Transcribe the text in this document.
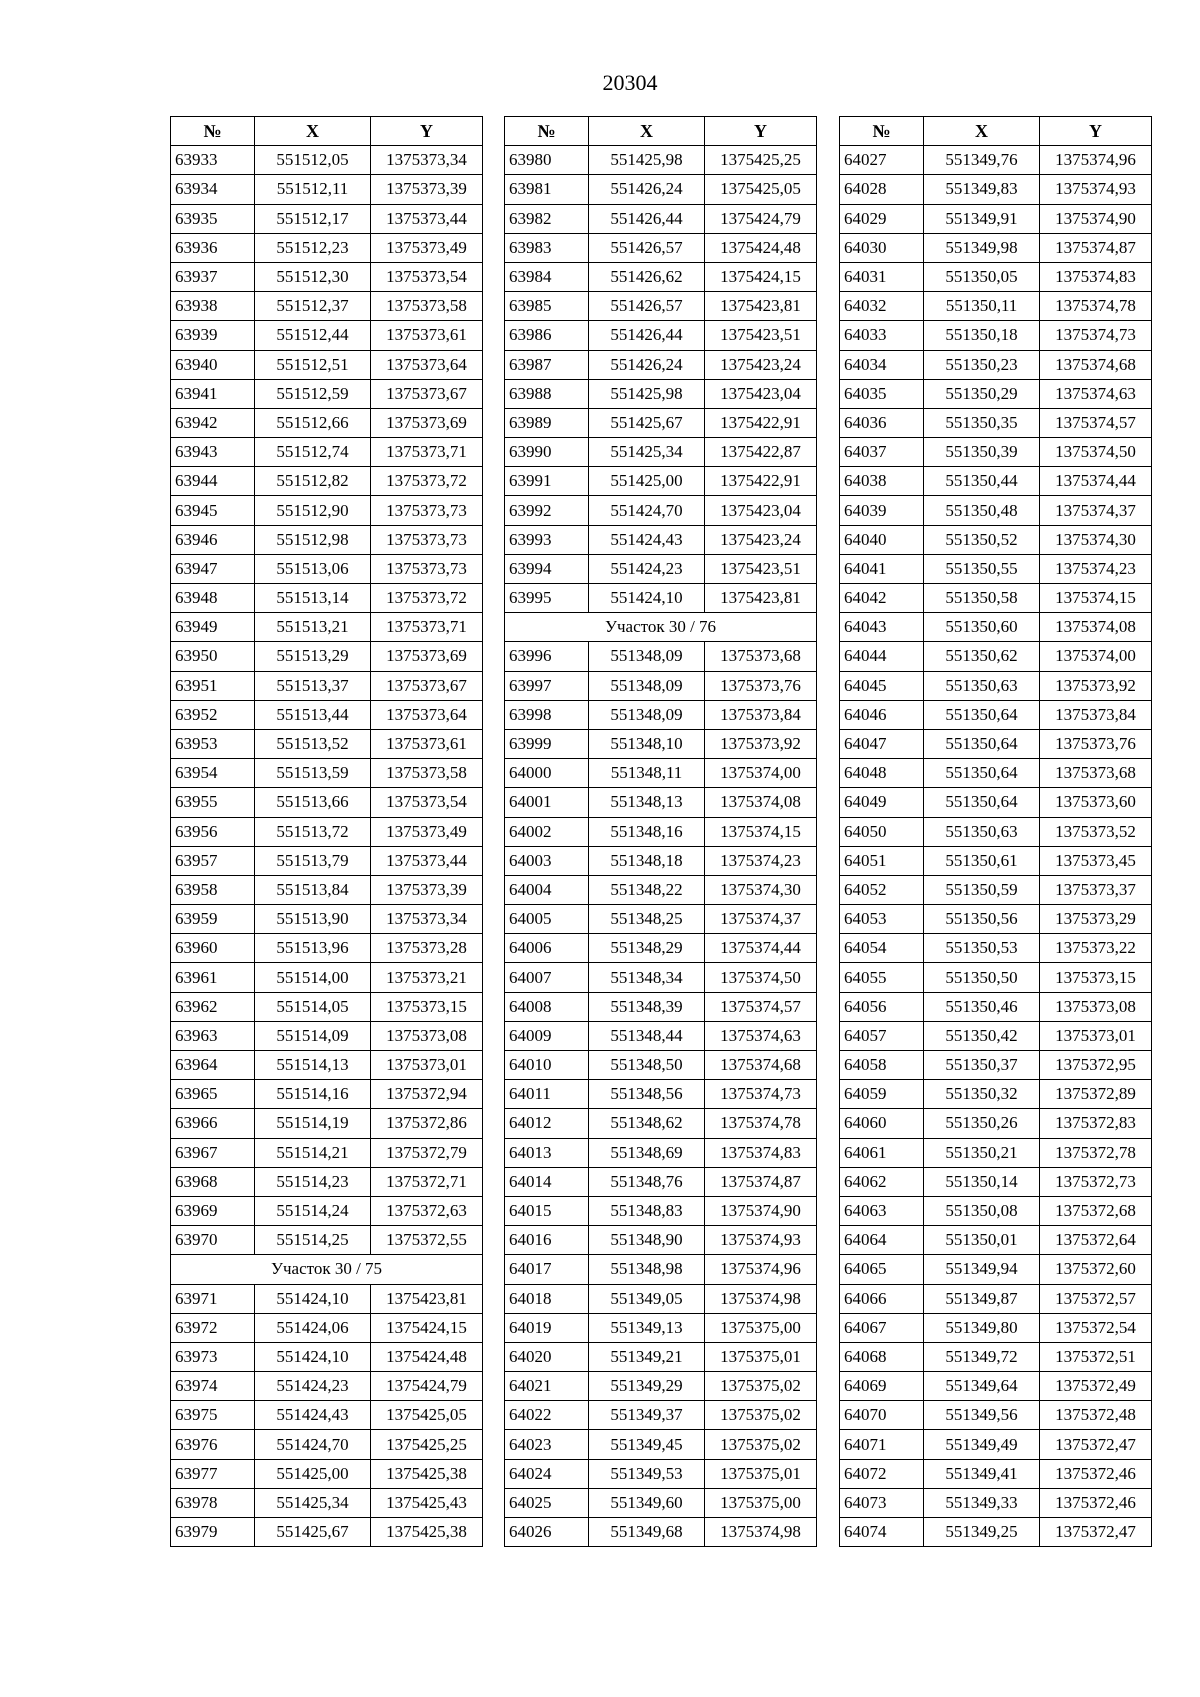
20304
№	X	Y
63933	551512,05	1375373,34
63934	551512,11	1375373,39
63935	551512,17	1375373,44
63936	551512,23	1375373,49
63937	551512,30	1375373,54
63938	551512,37	1375373,58
63939	551512,44	1375373,61
63940	551512,51	1375373,64
63941	551512,59	1375373,67
63942	551512,66	1375373,69
63943	551512,74	1375373,71
63944	551512,82	1375373,72
63945	551512,90	1375373,73
63946	551512,98	1375373,73
63947	551513,06	1375373,73
63948	551513,14	1375373,72
63949	551513,21	1375373,71
63950	551513,29	1375373,69
63951	551513,37	1375373,67
63952	551513,44	1375373,64
63953	551513,52	1375373,61
63954	551513,59	1375373,58
63955	551513,66	1375373,54
63956	551513,72	1375373,49
63957	551513,79	1375373,44
63958	551513,84	1375373,39
63959	551513,90	1375373,34
63960	551513,96	1375373,28
63961	551514,00	1375373,21
63962	551514,05	1375373,15
63963	551514,09	1375373,08
63964	551514,13	1375373,01
63965	551514,16	1375372,94
63966	551514,19	1375372,86
63967	551514,21	1375372,79
63968	551514,23	1375372,71
63969	551514,24	1375372,63
63970	551514,25	1375372,55
Участок 30 / 75		
63971	551424,10	1375423,81
63972	551424,06	1375424,15
63973	551424,10	1375424,48
63974	551424,23	1375424,79
63975	551424,43	1375425,05
63976	551424,70	1375425,25
63977	551425,00	1375425,38
63978	551425,34	1375425,43
63979	551425,67	1375425,38
№	X	Y
63980	551425,98	1375425,25
63981	551426,24	1375425,05
63982	551426,44	1375424,79
63983	551426,57	1375424,48
63984	551426,62	1375424,15
63985	551426,57	1375423,81
63986	551426,44	1375423,51
63987	551426,24	1375423,24
63988	551425,98	1375423,04
63989	551425,67	1375422,91
63990	551425,34	1375422,87
63991	551425,00	1375422,91
63992	551424,70	1375423,04
63993	551424,43	1375423,24
63994	551424,23	1375423,51
63995	551424,10	1375423,81
Участок 30 / 76		
63996	551348,09	1375373,68
63997	551348,09	1375373,76
63998	551348,09	1375373,84
63999	551348,10	1375373,92
64000	551348,11	1375374,00
64001	551348,13	1375374,08
64002	551348,16	1375374,15
64003	551348,18	1375374,23
64004	551348,22	1375374,30
64005	551348,25	1375374,37
64006	551348,29	1375374,44
64007	551348,34	1375374,50
64008	551348,39	1375374,57
64009	551348,44	1375374,63
64010	551348,50	1375374,68
64011	551348,56	1375374,73
64012	551348,62	1375374,78
64013	551348,69	1375374,83
64014	551348,76	1375374,87
64015	551348,83	1375374,90
64016	551348,90	1375374,93
64017	551348,98	1375374,96
64018	551349,05	1375374,98
64019	551349,13	1375375,00
64020	551349,21	1375375,01
64021	551349,29	1375375,02
64022	551349,37	1375375,02
64023	551349,45	1375375,02
64024	551349,53	1375375,01
64025	551349,60	1375375,00
64026	551349,68	1375374,98
№	X	Y
64027	551349,76	1375374,96
64028	551349,83	1375374,93
64029	551349,91	1375374,90
64030	551349,98	1375374,87
64031	551350,05	1375374,83
64032	551350,11	1375374,78
64033	551350,18	1375374,73
64034	551350,23	1375374,68
64035	551350,29	1375374,63
64036	551350,35	1375374,57
64037	551350,39	1375374,50
64038	551350,44	1375374,44
64039	551350,48	1375374,37
64040	551350,52	1375374,30
64041	551350,55	1375374,23
64042	551350,58	1375374,15
64043	551350,60	1375374,08
64044	551350,62	1375374,00
64045	551350,63	1375373,92
64046	551350,64	1375373,84
64047	551350,64	1375373,76
64048	551350,64	1375373,68
64049	551350,64	1375373,60
64050	551350,63	1375373,52
64051	551350,61	1375373,45
64052	551350,59	1375373,37
64053	551350,56	1375373,29
64054	551350,53	1375373,22
64055	551350,50	1375373,15
64056	551350,46	1375373,08
64057	551350,42	1375373,01
64058	551350,37	1375372,95
64059	551350,32	1375372,89
64060	551350,26	1375372,83
64061	551350,21	1375372,78
64062	551350,14	1375372,73
64063	551350,08	1375372,68
64064	551350,01	1375372,64
64065	551349,94	1375372,60
64066	551349,87	1375372,57
64067	551349,80	1375372,54
64068	551349,72	1375372,51
64069	551349,64	1375372,49
64070	551349,56	1375372,48
64071	551349,49	1375372,47
64072	551349,41	1375372,46
64073	551349,33	1375372,46
64074	551349,25	1375372,47
